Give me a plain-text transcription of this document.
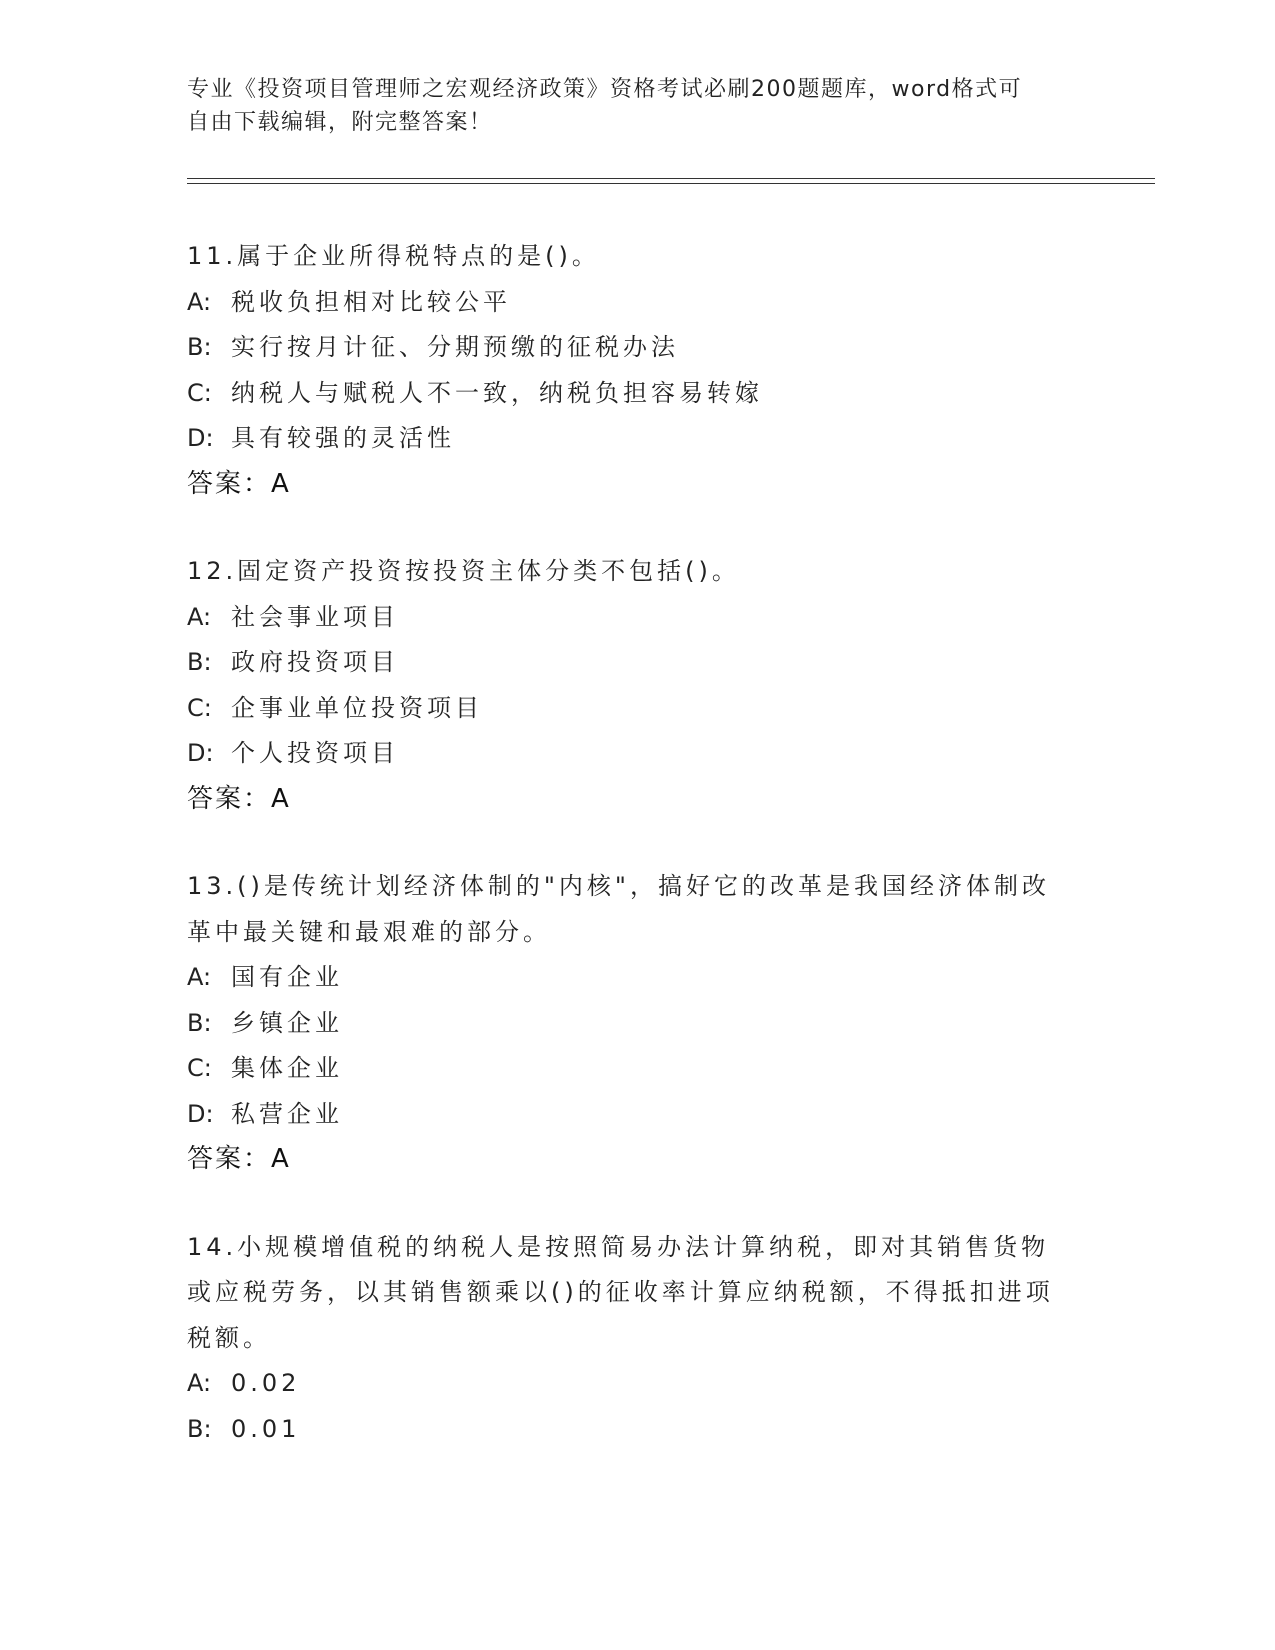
专业《投资项目管理师之宏观经济政策》资格考试必刷200题题库，word格式可
自由下载编辑，附完整答案！
11.属于企业所得税特点的是()。
A: 税收负担相对比较公平
B: 实行按月计征、分期预缴的征税办法
C: 纳税人与赋税人不一致，纳税负担容易转嫁
D: 具有较强的灵活性
答案：A
12.固定资产投资按投资主体分类不包括()。
A: 社会事业项目
B: 政府投资项目
C: 企事业单位投资项目
D: 个人投资项目
答案：A
13.()是传统计划经济体制的"内核"，搞好它的改革是我国经济体制改革中最关键和最艰难的部分。
A: 国有企业
B: 乡镇企业
C: 集体企业
D: 私营企业
答案：A
14.小规模增值税的纳税人是按照简易办法计算纳税，即对其销售货物或应税劳务，以其销售额乘以()的征收率计算应纳税额，不得抵扣进项税额。
A: 0.02
B: 0.01
